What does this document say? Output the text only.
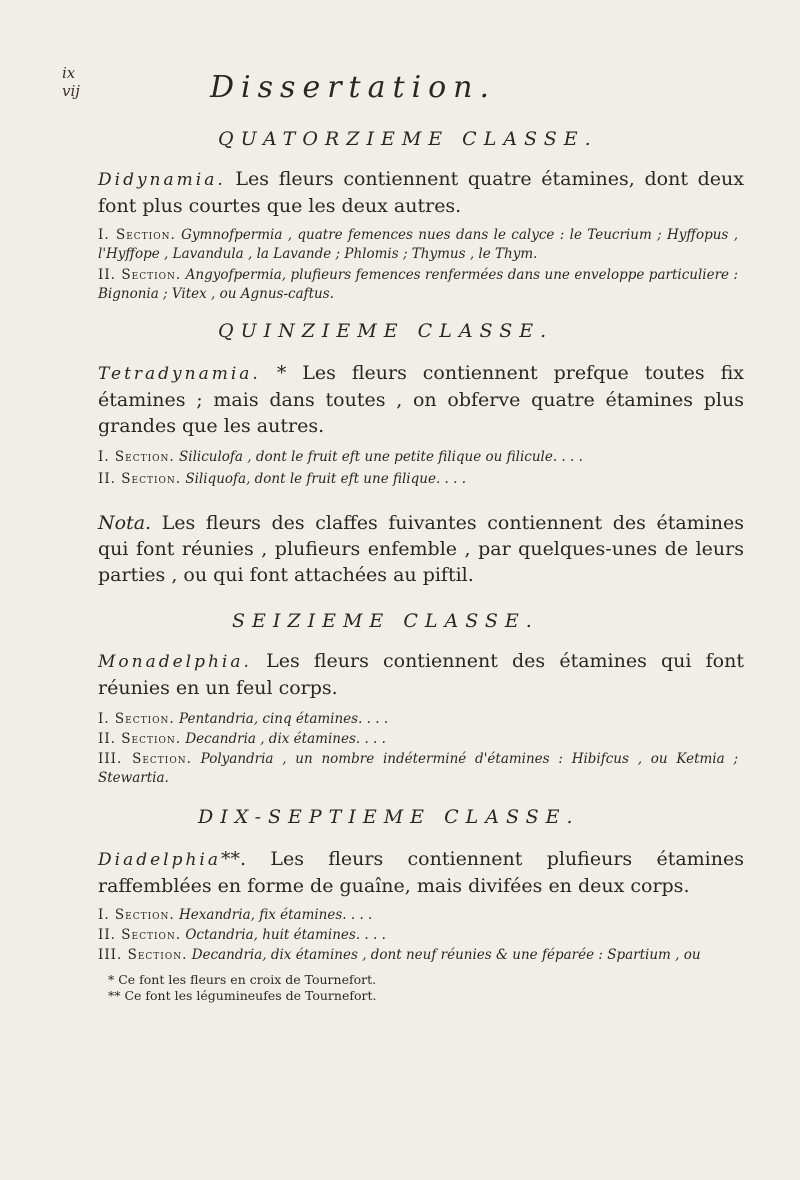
ix
vij	Dissertation.
QUATORZIEME CLASSE.
Didynamia. Les fleurs contiennent quatre étamines, dont deux font plus courtes que les deux autres.
I. Section. Gymnofpermia , quatre femences nues dans le calyce : le Teucrium ; Hyffopus , l'Hyffope , Lavandula , la Lavande ; Phlomis ; Thymus , le Thym.
II. Section. Angyofpermia, plufieurs femences renfermées dans une enveloppe particuliere : Bignonia ; Vitex , ou Agnus-caftus.
QUINZIEME CLASSE.
Tetradynamia. * Les fleurs contiennent prefque toutes fix étamines ; mais dans toutes , on obferve quatre étamines plus grandes que les autres.
I. Section. Siliculofa , dont le fruit eft une petite filique ou filicule. . . .
II. Section. Siliquofa, dont le fruit eft une filique. . . .
Nota. Les fleurs des claffes fuivantes contiennent des étamines qui font réunies , plufieurs enfemble , par quelques-unes de leurs parties , ou qui font attachées au piftil.
SEIZIEME CLASSE.
Monadelphia. Les fleurs contiennent des étamines qui font réunies en un feul corps.
I. Section. Pentandria, cinq étamines. . . .
II. Section. Decandria , dix étamines. . . .
III. Section. Polyandria , un nombre indéterminé d'étamines : Hibifcus , ou Ketmia ; Stewartia.
DIX-SEPTIEME CLASSE.
Diadelphia**. Les fleurs contiennent plufieurs étamines raffemblées en forme de guaîne, mais divifées en deux corps.
I. Section. Hexandria, fix étamines. . . .
II. Section. Octandria, huit étamines. . . .
III. Section. Decandria, dix étamines , dont neuf réunies & une féparée : Spartium , ou
* Ce font les fleurs en croix de Tournefort.
** Ce font les légumineufes de Tournefort.
